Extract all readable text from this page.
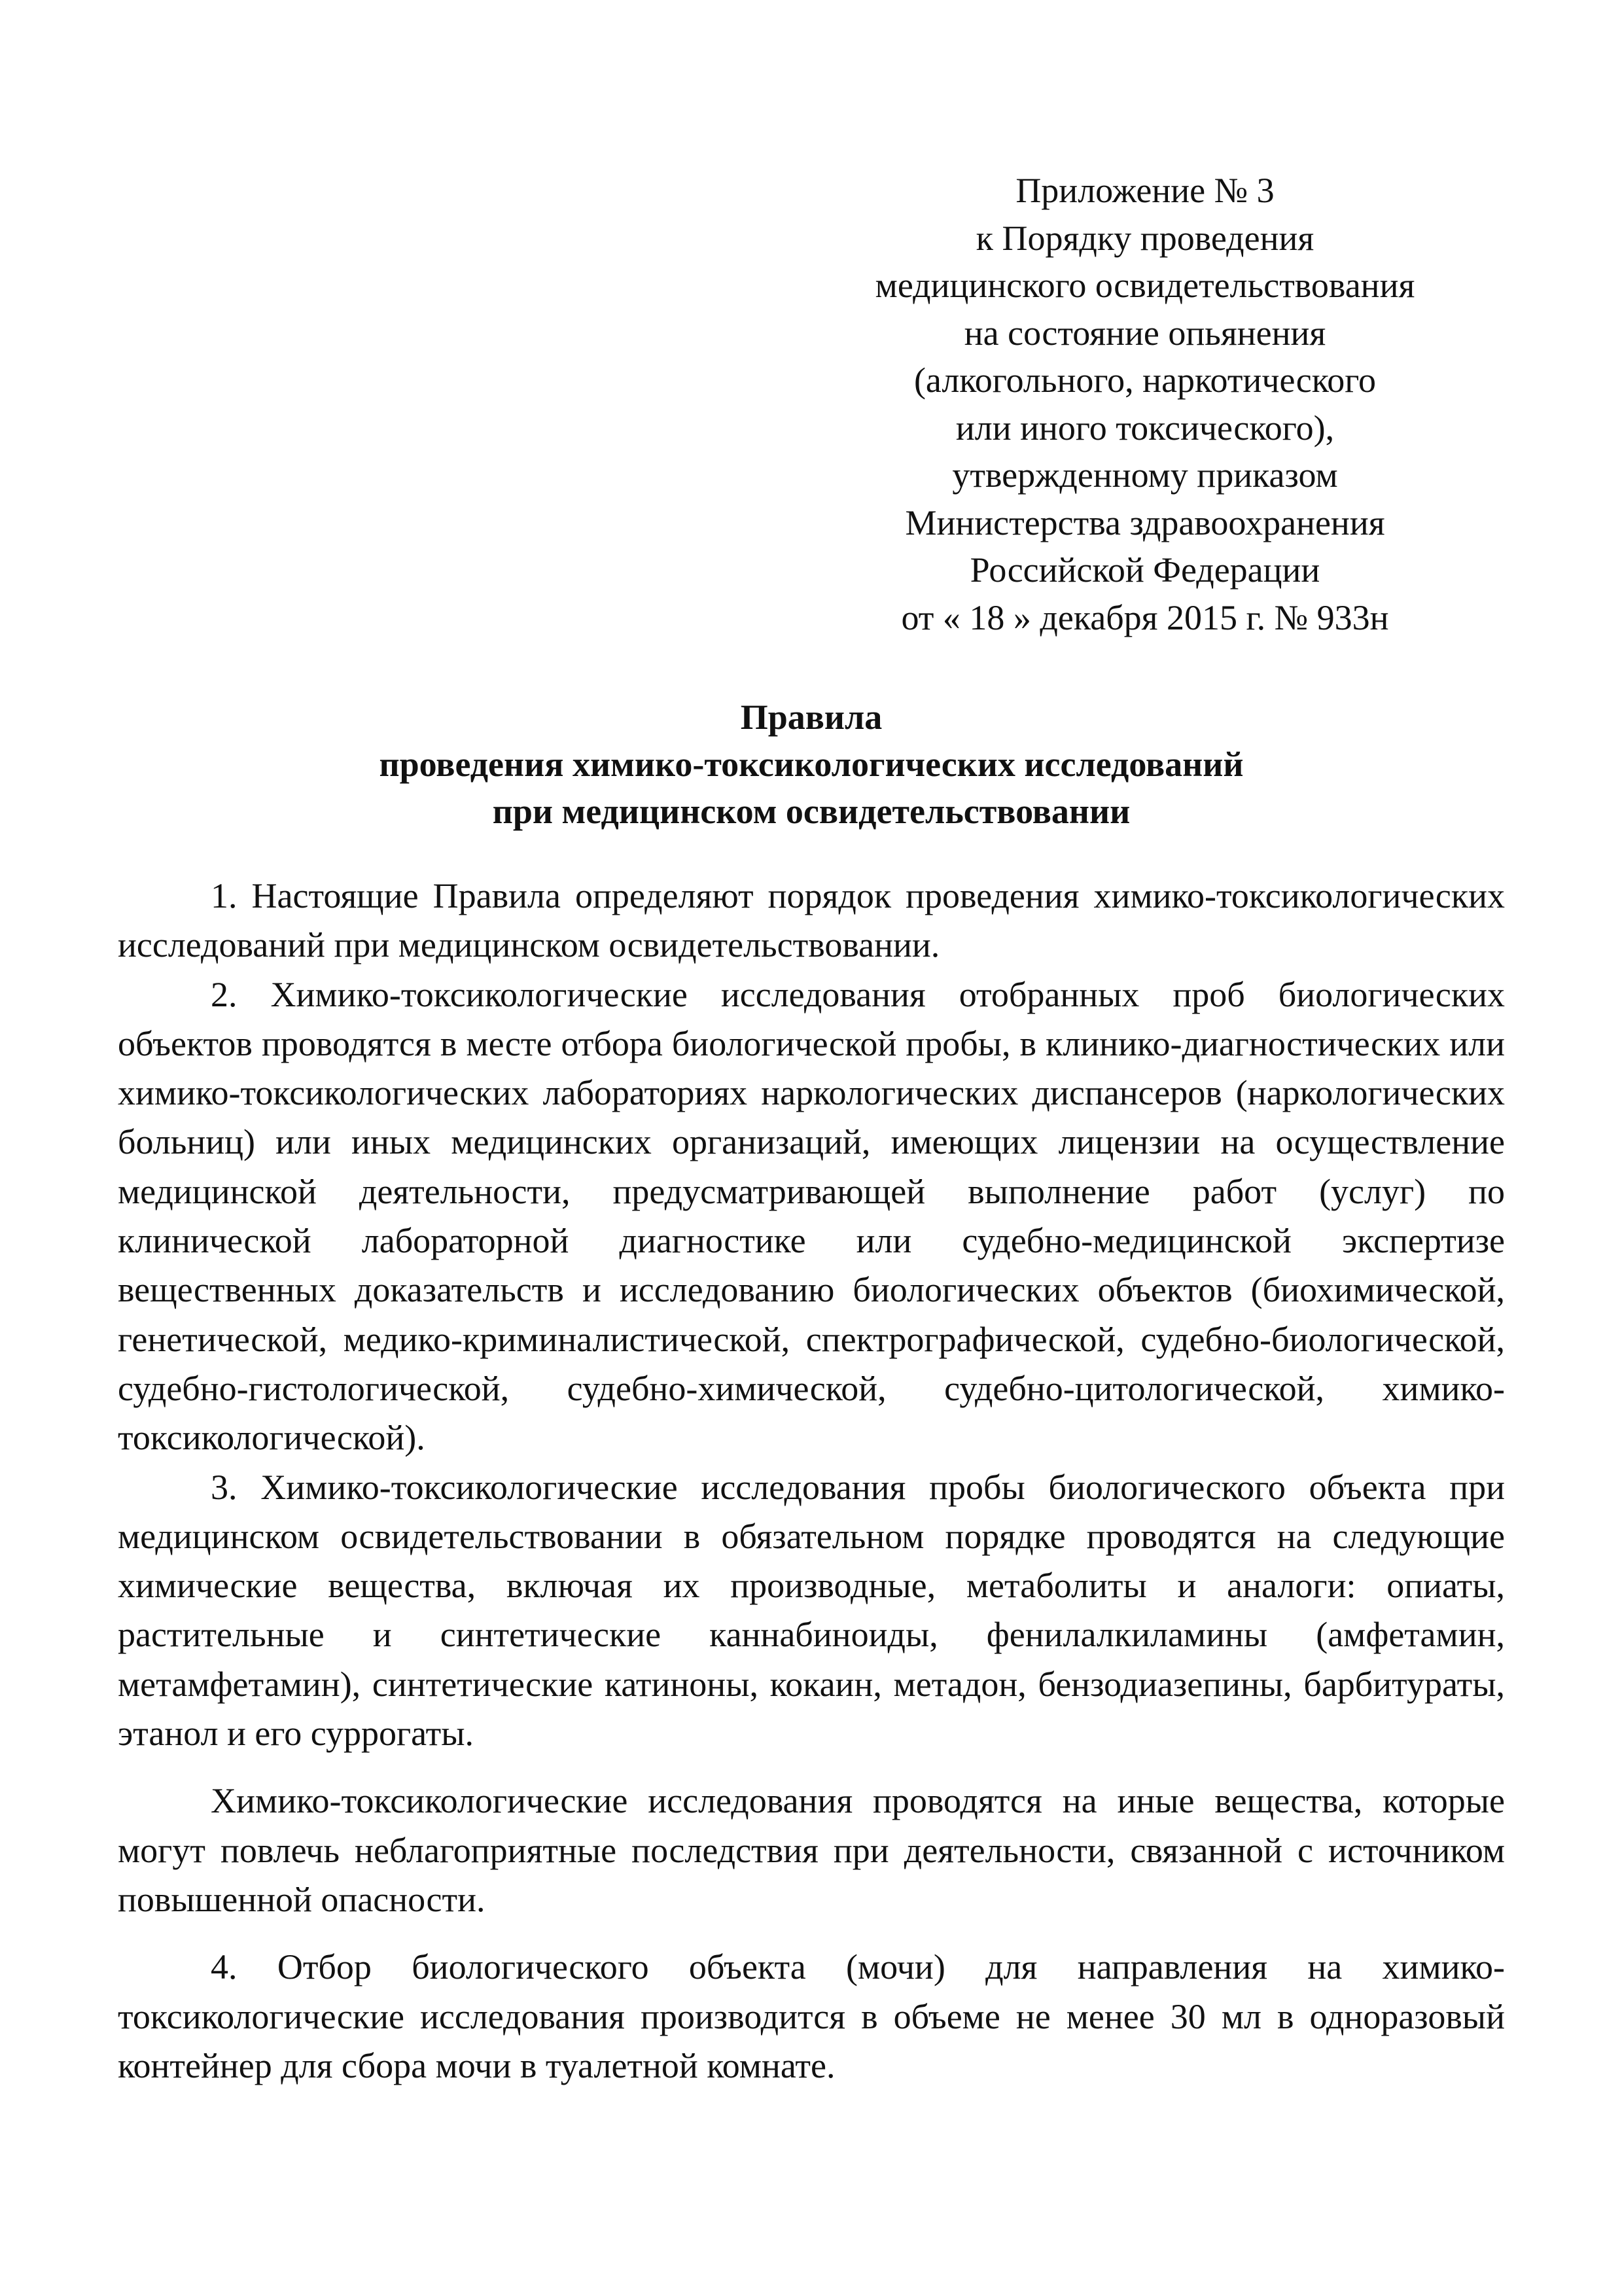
Приложение № 3
к Порядку проведения
медицинского освидетельствования
на состояние опьянения
(алкогольного, наркотического
или иного токсического),
утвержденному приказом
Министерства здравоохранения
Российской Федерации
от « 18 » декабря 2015 г. № 933н
Правила
проведения химико-токсикологических исследований
при медицинском освидетельствовании

1. Настоящие Правила определяют порядок проведения химико-токсикологических исследований при медицинском освидетельствовании.

2. Химико-токсикологические исследования отобранных проб биологических объектов проводятся в месте отбора биологической пробы, в клинико-диагностических или химико-токсикологических лабораториях наркологических диспансеров (наркологических больниц) или иных медицинских организаций, имеющих лицензии на осуществление медицинской деятельности, предусматривающей выполнение работ (услуг) по клинической лабораторной диагностике или судебно-медицинской экспертизе вещественных доказательств и исследованию биологических объектов (биохимической, генетической, медико-криминалистической, спектрографической, судебно-биологической, судебно-гистологической, судебно-химической, судебно-цитологической, химико-токсикологической).

3. Химико-токсикологические исследования пробы биологического объекта при медицинском освидетельствовании в обязательном порядке проводятся на следующие химические вещества, включая их производные, метаболиты и аналоги: опиаты, растительные и синтетические каннабиноиды, фенилалкиламины (амфетамин, метамфетамин), синтетические катиноны, кокаин, метадон, бензодиазепины, барбитураты, этанол и его суррогаты.

Химико-токсикологические исследования проводятся на иные вещества, которые могут повлечь неблагоприятные последствия при деятельности, связанной с источником повышенной опасности.

4. Отбор биологического объекта (мочи) для направления на химико-токсикологические исследования производится в объеме не менее 30 мл в одноразовый контейнер для сбора мочи в туалетной комнате.
